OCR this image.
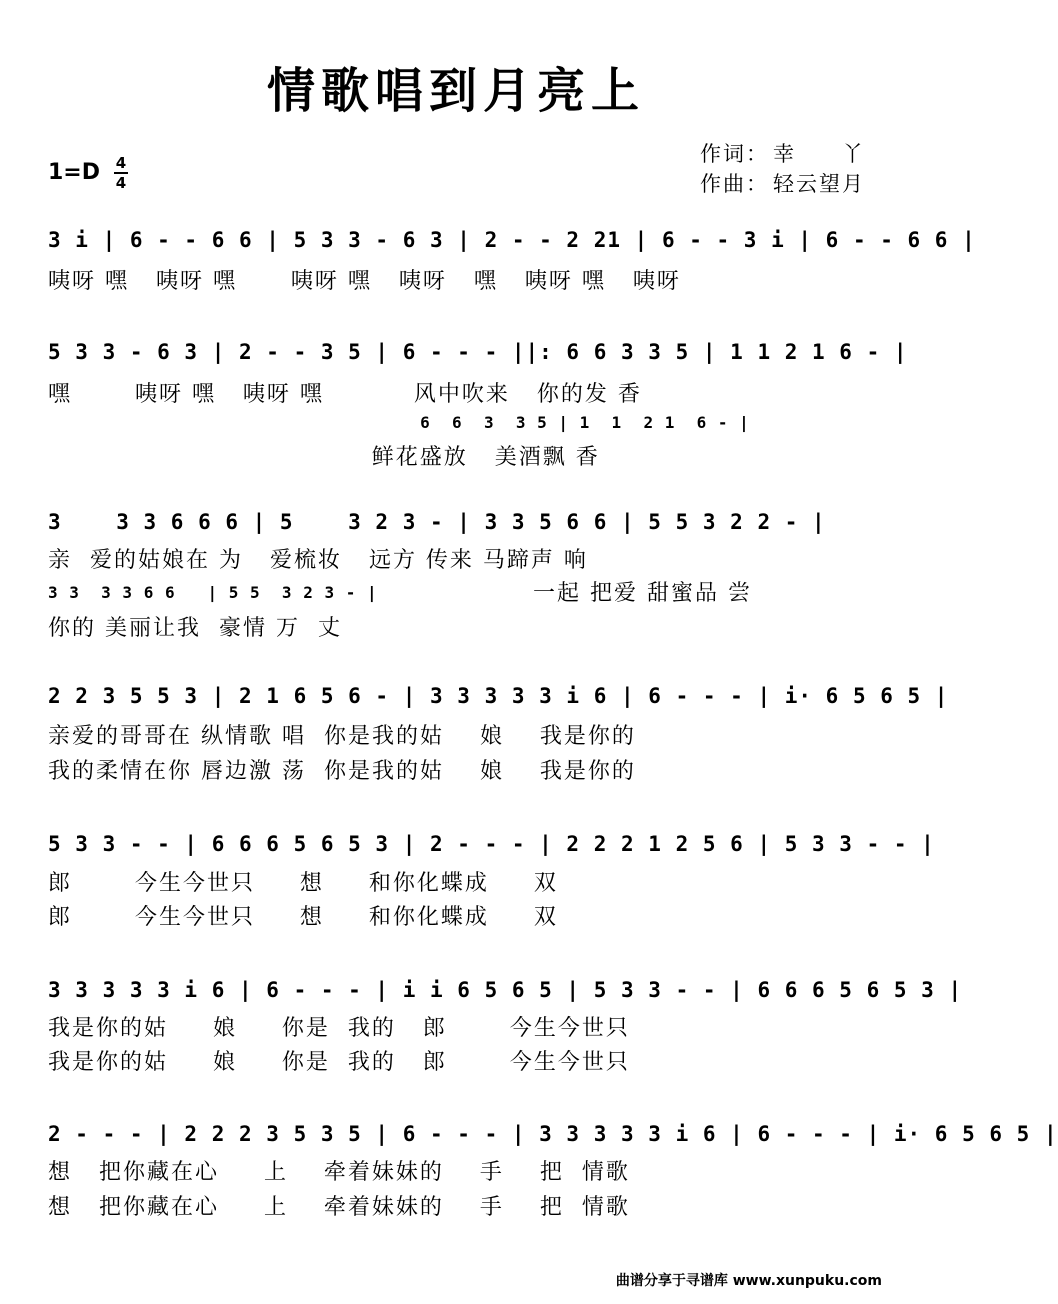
情歌唱到月亮上
1=D 4
4
作词： 幸　　丫
作曲： 轻云望月
3 i | 6 - - 6 6 | 5 3 3 - 6 3 | 2 - - 2 21 | 6 - - 3 i | 6 - - 6 6 |
咦呀 嘿   咦呀 嘿      咦呀 嘿   咦呀   嘿   咦呀 嘿   咦呀
5 3 3 - 6 3 | 2 - - 3 5 | 6 - - - ||: 6 6 3 3 5 | 1 1 2 1 6 - |
嘿       咦呀 嘿   咦呀 嘿          风中吹来   你的发 香
6  6  3  3 5 | 1  1  2 1  6 - |
鲜花盛放   美酒飘 香
3    3 3 6 6 6 | 5    3 2 3 - | 3 3 5 6 6 | 5 5 3 2 2 - |
亲  爱的姑娘在 为   爱梳妆   远方 传来 马蹄声 响
3 3  3 3 6 6   | 5 5  3 2 3 - |	一起 把爱 甜蜜品 尝
你的 美丽让我  豪情 万  丈
2 2 3 5 5 3 | 2 1 6 5 6 - | 3 3 3 3 3 i 6 | 6 - - - | i· 6 5 6 5 |
亲爱的哥哥在 纵情歌 唱  你是我的姑    娘    我是你的
我的柔情在你 唇边激 荡  你是我的姑    娘    我是你的
5 3 3 - - | 6 6 6 5 6 5 3 | 2 - - - | 2 2 2 1 2 5 6 | 5 3 3 - - |
郎       今生今世只     想     和你化蝶成     双
郎       今生今世只     想     和你化蝶成     双
3 3 3 3 3 i 6 | 6 - - - | i i 6 5 6 5 | 5 3 3 - - | 6 6 6 5 6 5 3 |
我是你的姑     娘     你是  我的   郎       今生今世只
我是你的姑     娘     你是  我的   郎       今生今世只
2 - - - | 2 2 2 3 5 3 5 | 6 - - - | 3 3 3 3 3 i 6 | 6 - - - | i· 6 5 6 5 |
想   把你藏在心     上    牵着妹妹的    手    把  情歌
想   把你藏在心     上    牵着妹妹的    手    把  情歌
曲谱分享于寻谱库 www.xunpuku.com
